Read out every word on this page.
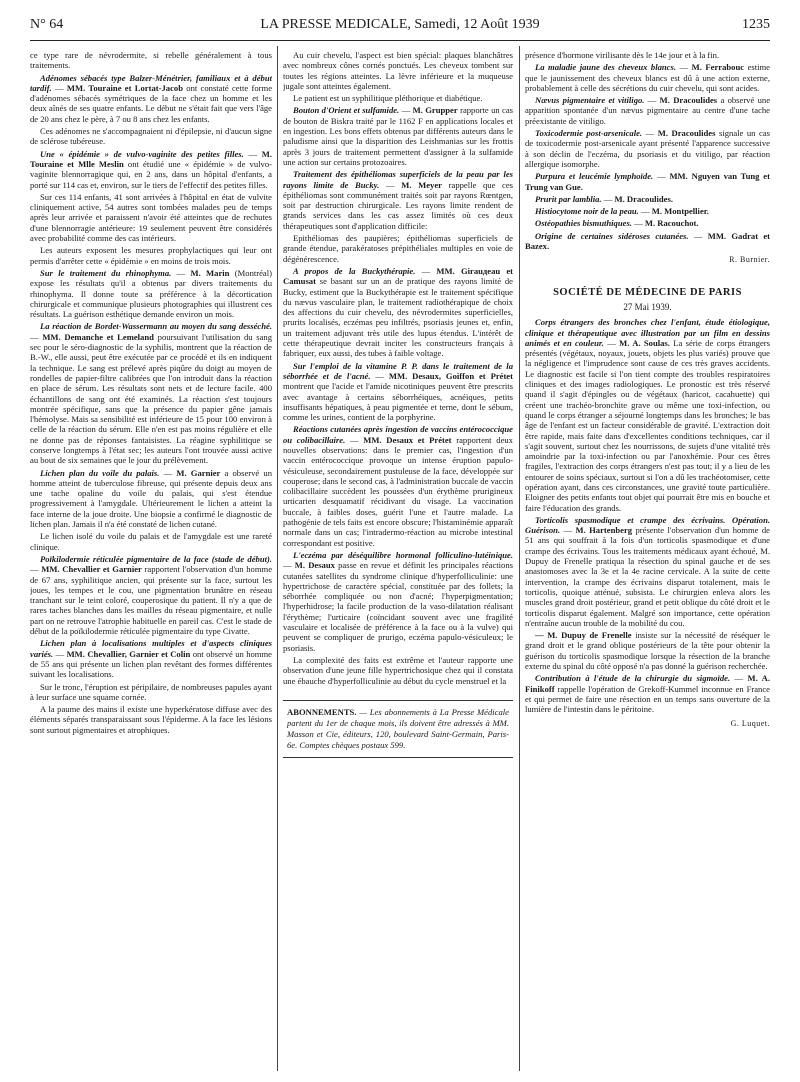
N° 64	LA PRESSE MEDICALE, Samedi, 12 Août 1939	1235

ce type rare de névrodermite, si rebelle généralement à tous traitements.

Adénomes sébacés type Balzer-Ménétrier, familiaux et à début tardif. — MM. Touraine et Lortat-Jacob ont constaté cette forme d'adénomes sébacés symétriques de la face chez un homme et les deux aînés de ses quatre enfants. Le début ne s'était fait que vers l'âge de 20 ans chez le père, à 7 ou 8 ans chez les enfants.

Ces adénomes ne s'accompagnaient ni d'épilepsie, ni d'aucun signe de sclérose tubéreuse.

Une « épidémie » de vulvo-vaginite des petites filles. — M. Touraine et Mlle Meslin ont étudié une « épidémie » de vulvo-vaginite blennorragique qui, en 2 ans, dans un hôpital d'enfants, a porté sur 114 cas et, environ, sur le tiers de l'effectif des petites filles.

Sur ces 114 enfants, 41 sont arrivées à l'hôpital en état de vulvite cliniquement active, 54 autres sont tombées malades peu de temps après leur arrivée et paraissent n'avoir été atteintes que de rechutes d'une blennorragie antérieure: 19 seulement peuvent être considérés avec probabilité comme des cas intérieurs.

Les auteurs exposent les mesures prophylactiques qui leur ont permis d'arrêter cette « épidémie » en moins de trois mois.

Sur le traitement du rhinophyma. — M. Marin (Montréal) expose les résultats qu'il a obtenus par divers traitements du rhinophyma. Il donne toute sa préférence à la décortication chirurgicale et communique plusieurs photographies qui illustrent ces résultats. La guérison esthétique demande environ un mois.

La réaction de Bordet-Wassermann au moyen du sang desséché. — MM. Demanche et Lemeland poursuivant l'utilisation du sang sec pour le séro-diagnostic de la syphilis, montrent que la réaction de B.-W., elle aussi, peut être exécutée par ce procédé et ils en indiquent la technique. Le sang est prélevé après piqûre du doigt au moyen de rondelles de papier-filtre calibrées que l'on introduit dans la réaction en place de sérum. Les résultats sont nets et de lecture facile. 400 échantillons de sang ont été examinés. La réaction s'est toujours montrée spécifique, sans que la présence du papier gêne jamais l'hémolyse. Mais sa sensibilité est inférieure de 15 pour 100 environ à celle de la réaction du sérum. Elle n'en est pas moins régulière et elle ne donne pas de réponses fantaisistes. La réagine syphilitique se conserve longtemps à l'état sec; les auteurs l'ont trouvée aussi active au bout de six semaines que le jour du prélèvement.

Lichen plan du voile du palais. — M. Garnier a observé un homme atteint de tuberculose fibreuse, qui présente depuis deux ans une tache opaline du voile du palais, qui s'est étendue progressivement à l'amygdale. Ultérieurement le lichen a atteint la face interne de la joue droite. Une biopsie a confirmé le diagnostic de lichen plan. Jamais il n'a été constaté de lichen cutané.

Le lichen isolé du voile du palais et de l'amygdale est une rareté clinique.

Poïkilodermie réticulée pigmentaire de la face (stade de début). — MM. Chevallier et Garnier rapportent l'observation d'un homme de 67 ans, syphilitique ancien, qui présente sur la face, surtout les joues, les tempes et le cou, une pigmentation brunâtre en réseau tranchant sur le teint coloré, couperosique du patient. Il n'y a que de rares taches blanches dans les mailles du réseau pigmentaire, et nulle part on ne retrouve l'atrophie habituelle en pareil cas. C'est le stade de début de la poïkilodermie réticulée pigmentaire du type Civatte.

Lichen plan à localisations multiples et d'aspects cliniques variés. — MM. Chevallier, Garnier et Colin ont observé un homme de 55 ans qui présente un lichen plan revêtant des formes différentes suivant les localisations.

Sur le tronc, l'éruption est péripilaire, de nombreuses papules ayant à leur surface une squame cornée.

A la paume des mains il existe une hyperkératose diffuse avec des éléments séparés transparaissant sous l'épiderme. A la face les lésions sont surtout pigmentaires et atrophiques.

Au cuir chevelu, l'aspect est bien spécial: plaques blanchâtres avec nombreux cônes cornés ponctués. Les cheveux tombent sur toutes les régions atteintes. La lèvre inférieure et la muqueuse jugale sont atteintes également.

Le patient est un syphilitique pléthorique et diabétique.

Bouton d'Orient et sulfamide. — M. Grupper rapporte un cas de bouton de Biskra traité par le 1162 F en applications locales et en ingestion. Les bons effets obtenus par différents auteurs dans le paludisme ainsi que la disparition des Leishmanias sur les frottis après 3 jours de traitement permettent d'assigner à la sulfamide une action sur certains protozoaires.

Traitement des épithéliomas superficiels de la peau par les rayons limite de Bucky. — M. Meyer rappelle que ces épithéliomas sont communément traités soit par rayons Rœntgen, soit par destruction chirurgicale. Les rayons limite rendent de grands services dans les cas assez limités où ces deux thérapeutiques sont d'application difficile:

Epithéliomas des paupières; épithéliomas superficiels de grande étendue, parakératoses prépithéliales multiples en voie de dégénérescence.

A propos de la Buckythérapie. — MM. Girauдeau et Camusat se basant sur un an de pratique des rayons limité de Bucky, estiment que la Buckythérapie est le traitement spécifique du nævus vasculaire plan, le traitement radiothérapique de choix des affections du cuir chevelu, des névrodermites superficielles, prurits localisés, eczémas peu infiltrés, psoriasis jeunes et, enfin, un traitement adjuvant très utile des lupus étendus. L'intérêt de cette thérapeutique devrait inciter les constructeurs français à fabriquer, eux aussi, des tubes à faible voltage.

Sur l'emploi de la vitamine P. P. dans le traitement de la séborrhée et de l'acné. — MM. Desaux, Goiffon et Prétet montrent que l'acide et l'amide nicotiniques peuvent être prescrits avec avantage à certains séborrhéiques, acnéiques, petits insuffisants hépatiques, à peau pigmentée et terne, dont le sébum, comme les urines, contient de la porphyrine.

Réactions cutanées après ingestion de vaccins entérococcique ou colibacillaire. — MM. Desaux et Prétet rapportent deux nouvelles observations: dans le premier cas, l'ingestion d'un vaccin entérococcique provoque un intense éruption papulo-vésiculeuse, secondairement pustuleuse de la face, développée sur couperose; dans le second cas, à l'administration buccale de vaccin colibacillaire succèdent les poussées d'un érythème prurigineux urticarien desquamatif récidivant du visage. La vaccination buccale, à faibles doses, guérit l'une et l'autre malade. La pathogénie de tels faits est encore obscure; l'histaminémie apparaît normale dans un cas; l'intradermo-réaction au microbe intestinal correspondant est positive.

L'eczéma par déséquilibre hormonal folliculino-lutéinique. — M. Desaux passe en revue et définit les principales réactions cutanées satellites du syndrome clinique d'hyperfolliculinie: une hypertrichose de caractère spécial, constituée par des follets; la séborrhée compliquée ou non d'acné; l'hyperpigmentation; l'hyperhidrose; la facile production de la vaso-dilatation réalisant l'érythème; l'urticaire (coïncidant souvent avec une fragilité vasculaire et localisée de préférence à la face ou à la vulve) qui peuvent se compliquer de prurigo, eczéma papulo-vésiculeux; le psoriasis.

La complexité des faits est extrême et l'auteur rapporte une observation d'une jeune fille hypertrichosique chez qui il constata une ébauche d'hyperfolliculinie au début du cycle menstruel et la

ABONNEMENTS. — Les abonnements à La Presse Médicale partent du 1er de chaque mois, ils doivent être adressés à MM. Masson et Cie, éditeurs, 120, boulevard Saint-Germain, Paris-6e. Comptes chèques postaux 599.

présence d'hormone virilisante dès le 14e jour et à la fin.

La maladie jaune des cheveux blancs. — M. Ferrabouc estime que le jaunissement des cheveux blancs est dû à une action externe, probablement à celle des sécrétions du cuir chevelu, qui sont acides.

Nævus pigmentaire et vitiligo. — M. Dracoulides a observé une apparition spontanée d'un nævus pigmentaire au centre d'une tache préexistante de vitiligo.

Toxicodermie post-arsenicale. — M. Dracoulides signale un cas de toxicodermie post-arsenicale ayant présenté l'apparence successive à son déclin de l'eczéma, du psoriasis et du vitiligo, par réaction allergique isomorphe.

Purpura et leucémie lymphoïde. — MM. Nguyen van Tung et Trung van Gue.

Prurit par lamblia. — M. Dracoulides.

Histiocytome noir de la peau. — M. Montpellier.

Ostéopathies bismuthiques. — M. Racouchot.

Origine de certaines sidéroses cutanées. — MM. Gadrat et Bazex.

R. Burnier.
SOCIÉTÉ DE MÉDECINE DE PARIS
27 Mai 1939.

Corps étrangers des bronches chez l'enfant, étude étiologique, clinique et thérapeutique avec illustration par un film en dessins animés et en couleur. — M. A. Soulas. La série de corps étrangers présentés (végétaux, noyaux, jouets, objets les plus variés) prouve que la négligence et l'imprudence sont cause de ces très graves accidents. Le diagnostic est facile si l'on tient compte des troubles respiratoires cliniques et des images radiologiques. Le pronostic est très réservé quand il s'agit d'épingles ou de végétaux (haricot, cacahuette) qui créent une trachéo-bronchite grave ou même une toxi-infection, ou quand le corps étranger a séjourné longtemps dans les bronches; le bas âge de l'enfant est un facteur considérable de gravité. L'extraction doit être rapide, mais faite dans d'excellentes conditions techniques, car il s'agit souvent, surtout chez les nourrissons, de sujets d'une vitalité très amoindrie par la toxi-infection ou par l'anoxhémie. Pour ces êtres fragiles, l'extraction des corps étrangers n'est pas tout; il y a lieu de les entourer de soins spéciaux, surtout si l'on a dû les trachéotomiser, cette opération ayant, dans ces circonstances, une gravité toute particulière. Eloigner des petits enfants tout objet qui pourrait être mis en bouche et faire l'éducation des grands.

Torticolis spasmodique et crampe des écrivains. Opération. Guérison. — M. Hartenberg présente l'observation d'un homme de 51 ans qui souffrait à la fois d'un torticolis spasmodique et d'une crampe des écrivains. Tous les traitements médicaux ayant échoué, M. Dupuy de Frenelle pratiqua la résection du spinal gauche et de ses anastomoses avec la 3e et la 4e racine cervicale. A la suite de cette intervention, la crampe des écrivains disparut totalement, mais le torticolis, quoique atténué, subsista. Le chirurgien enleva alors les muscles grand droit postérieur, grand et petit oblique du côté droit et le torticolis disparut également. Malgré son importance, cette opération n'entraîne aucun trouble de la mobilité du cou.

— M. Dupuy de Frenelle insiste sur la nécessité de réséquer le grand droit et le grand oblique postérieurs de la tête pour obtenir la guérison du torticolis spasmodique lorsque la résection de la branche externe du spinal du côté opposé n'a pas donné la guérison recherchée.

Contribution à l'étude de la chirurgie du sigmoïde. — M. A. Finikoff rappelle l'opération de Grekoff-Kummel inconnue en France et qui permet de faire une résection en un temps sans ouverture de la lumière de l'intestin dans le péritoine.

G. Luquet.
